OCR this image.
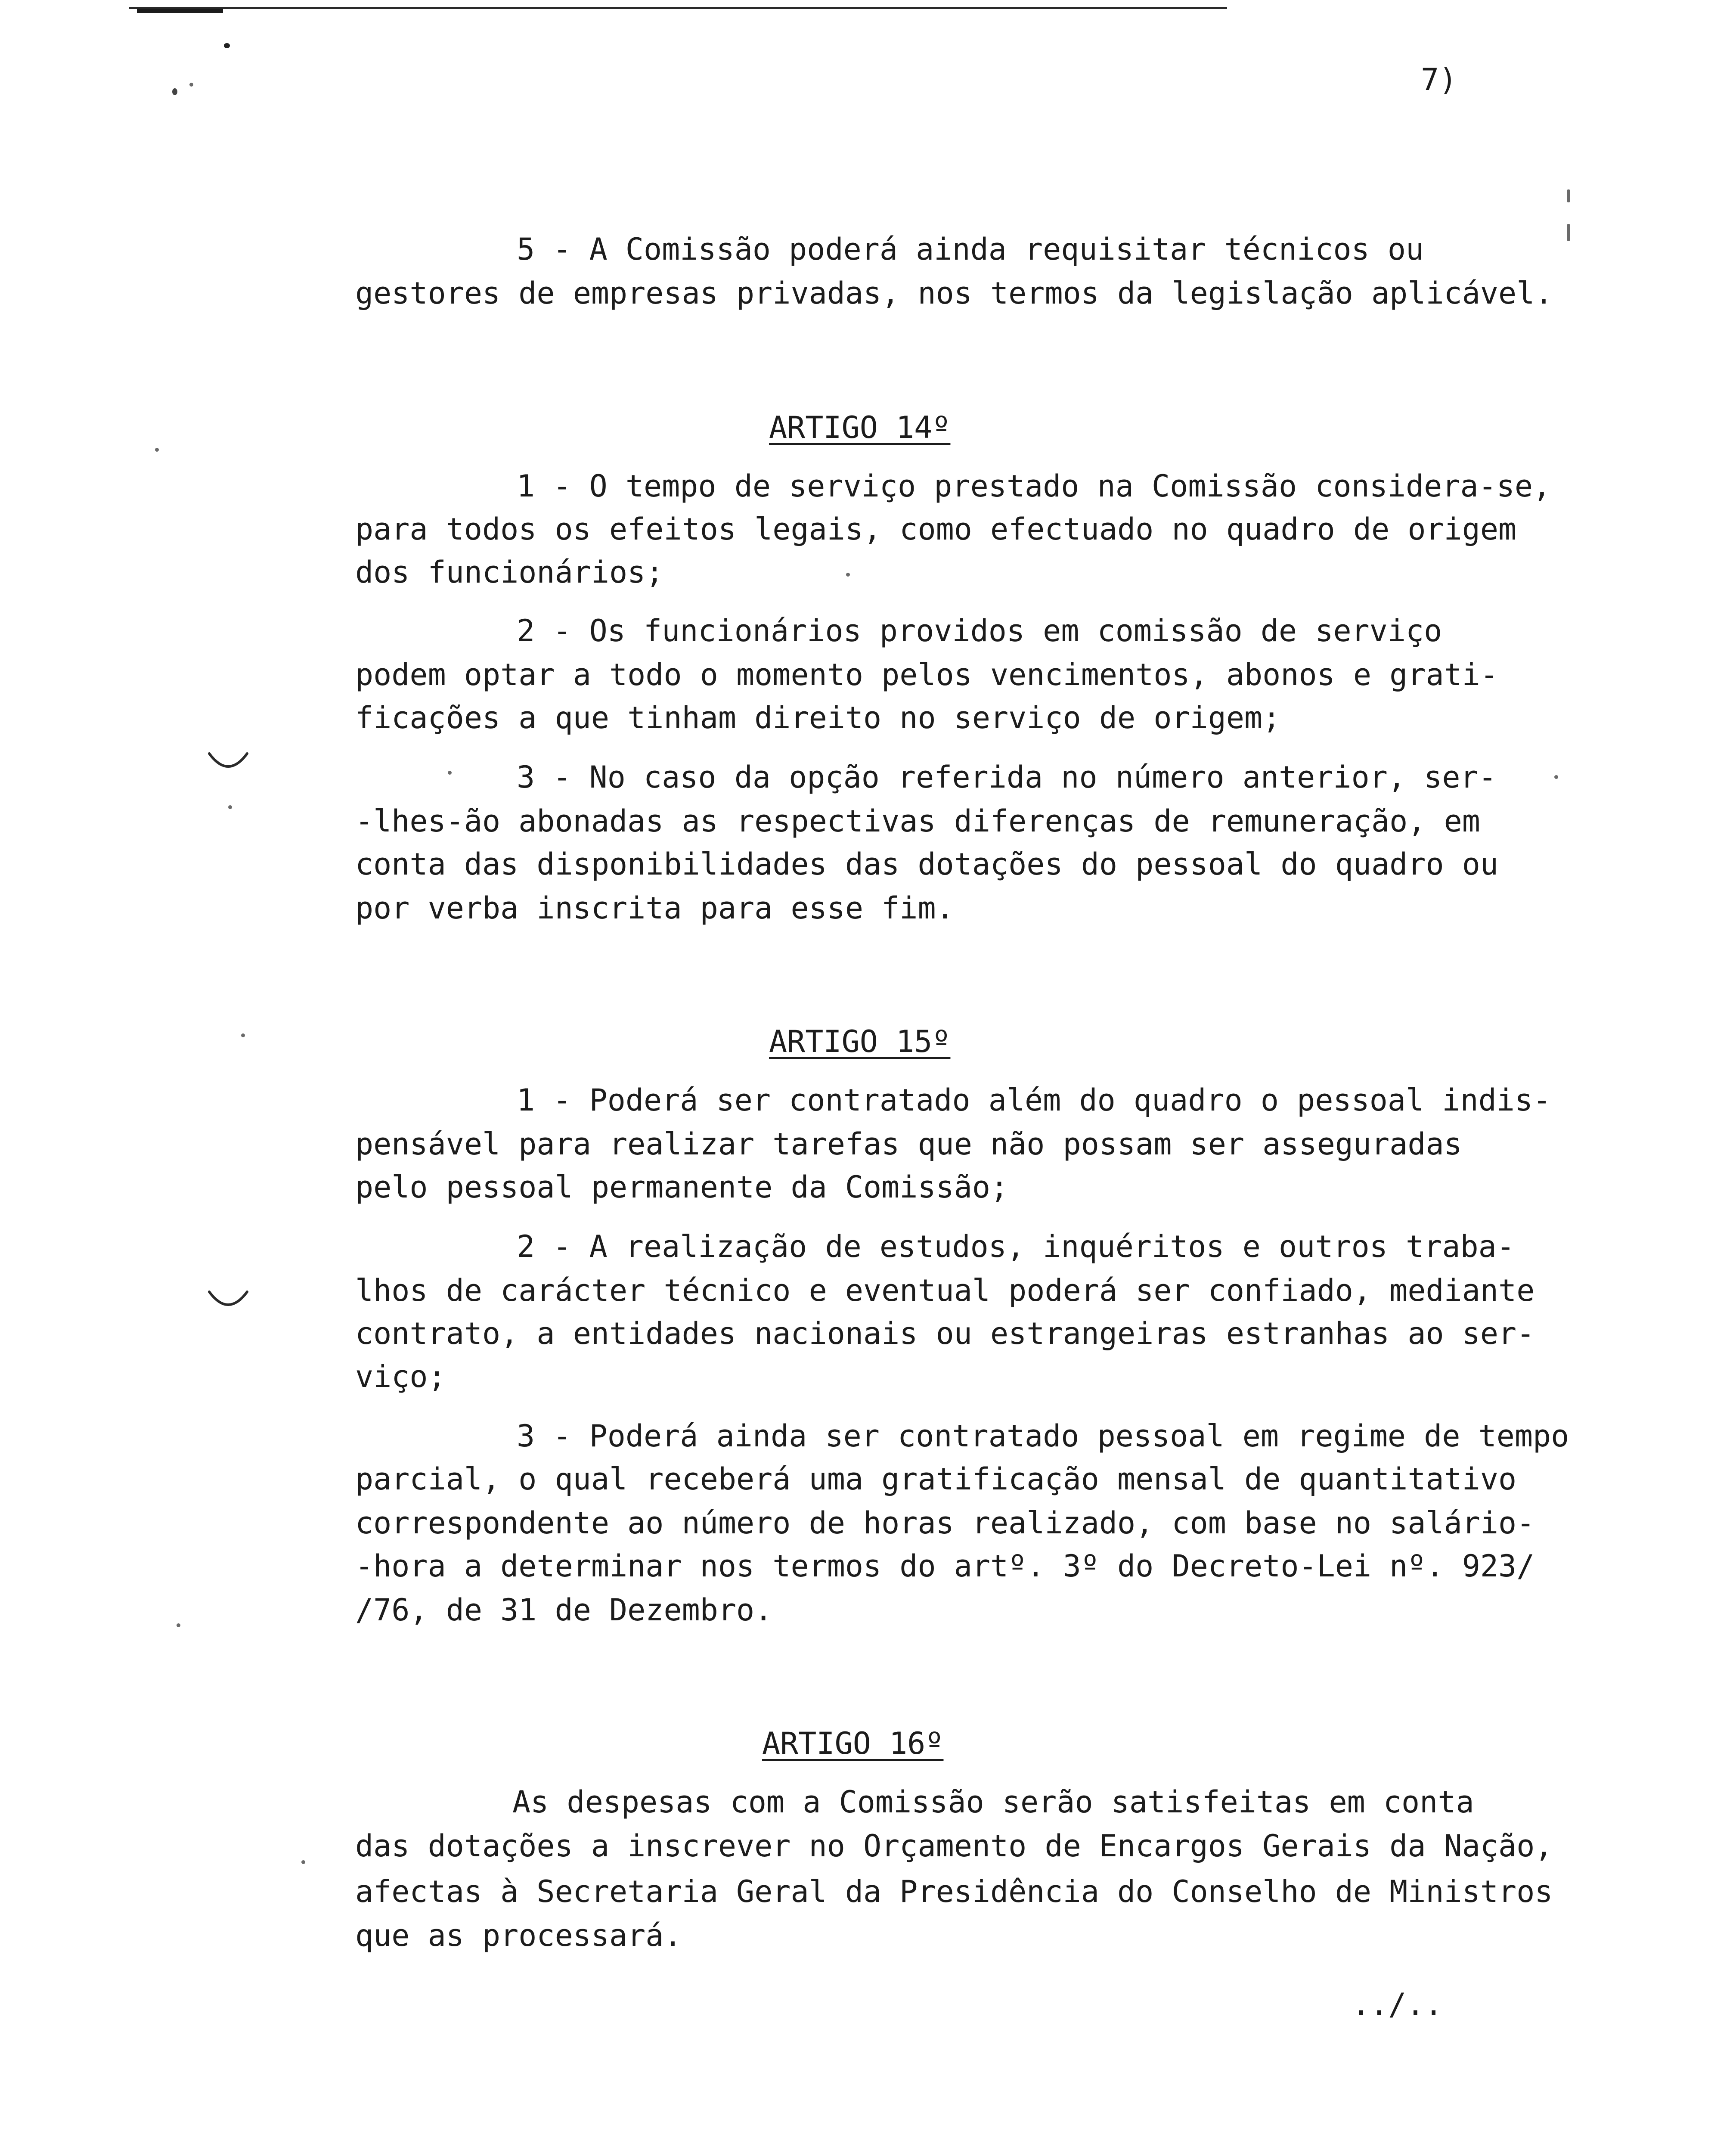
7)
5 - A Comissão poderá ainda requisitar técnicos ou
gestores de empresas privadas, nos termos da legislação aplicável.
ARTIGO 14º
1 - O tempo de serviço prestado na Comissão considera-se,
para todos os efeitos legais, como efectuado no quadro de origem
dos funcionários;
2 - Os funcionários providos em comissão de serviço
podem optar a todo o momento pelos vencimentos, abonos e grati-
ficações a que tinham direito no serviço de origem;
3 - No caso da opção referida no número anterior, ser-
-lhes-ão abonadas as respectivas diferenças de remuneração, em
conta das disponibilidades das dotações do pessoal do quadro ou
por verba inscrita para esse fim.
ARTIGO 15º
1 - Poderá ser contratado além do quadro o pessoal indis-
pensável para realizar tarefas que não possam ser asseguradas
pelo pessoal permanente da Comissão;
2 - A realização de estudos, inquéritos e outros traba-
lhos de carácter técnico e eventual poderá ser confiado, mediante
contrato, a entidades nacionais ou estrangeiras estranhas ao ser-
viço;
3 - Poderá ainda ser contratado pessoal em regime de tempo
parcial, o qual receberá uma gratificação mensal de quantitativo
correspondente ao número de horas realizado, com base no salário-
-hora a determinar nos termos do artº. 3º do Decreto-Lei nº. 923/
/76, de 31 de Dezembro.
ARTIGO 16º
As despesas com a Comissão serão satisfeitas em conta
das dotações a inscrever no Orçamento de Encargos Gerais da Nação,
afectas à Secretaria Geral da Presidência do Conselho de Ministros
que as processará.
../..
